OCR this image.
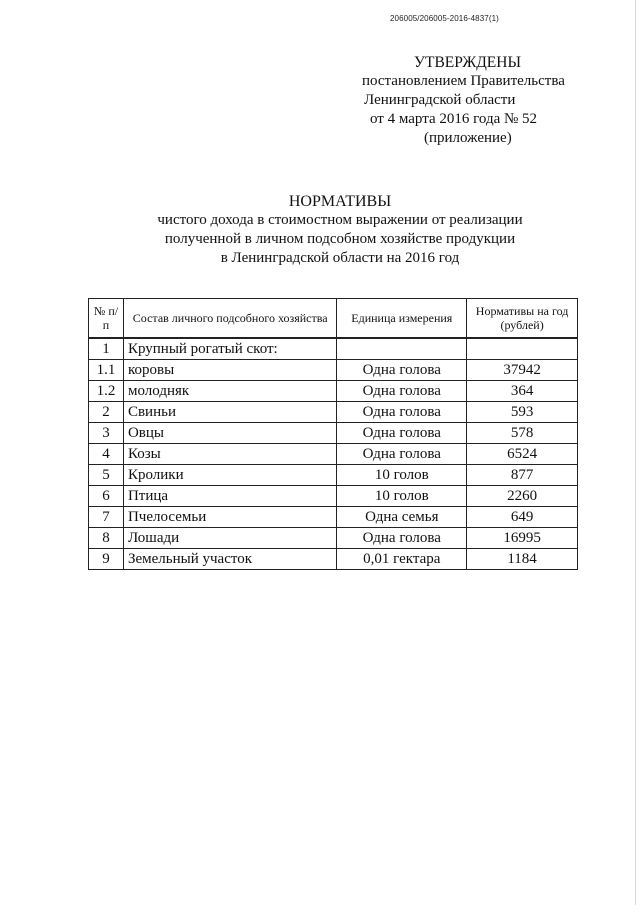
206005/206005-2016-4837(1)
УТВЕРЖДЕНЫ
постановлением Правительства
Ленинградской области
от 4 марта 2016 года № 52
(приложение)
НОРМАТИВЫ
чистого дохода в стоимостном выражении от реализации
полученной в личном подсобном хозяйстве продукции
в Ленинградской области на 2016 год
№ п/п	Состав личного подсобного хозяйства	Единица измерения	Нормативы на год (рублей)
1	Крупный рогатый скот:		
1.1	коровы	Одна голова	37942
1.2	молодняк	Одна голова	364
2	Свиньи	Одна голова	593
3	Овцы	Одна голова	578
4	Козы	Одна голова	6524
5	Кролики	10 голов	877
6	Птица	10 голов	2260
7	Пчелосемьи	Одна семья	649
8	Лошади	Одна голова	16995
9	Земельный участок	0,01 гектара	1184
